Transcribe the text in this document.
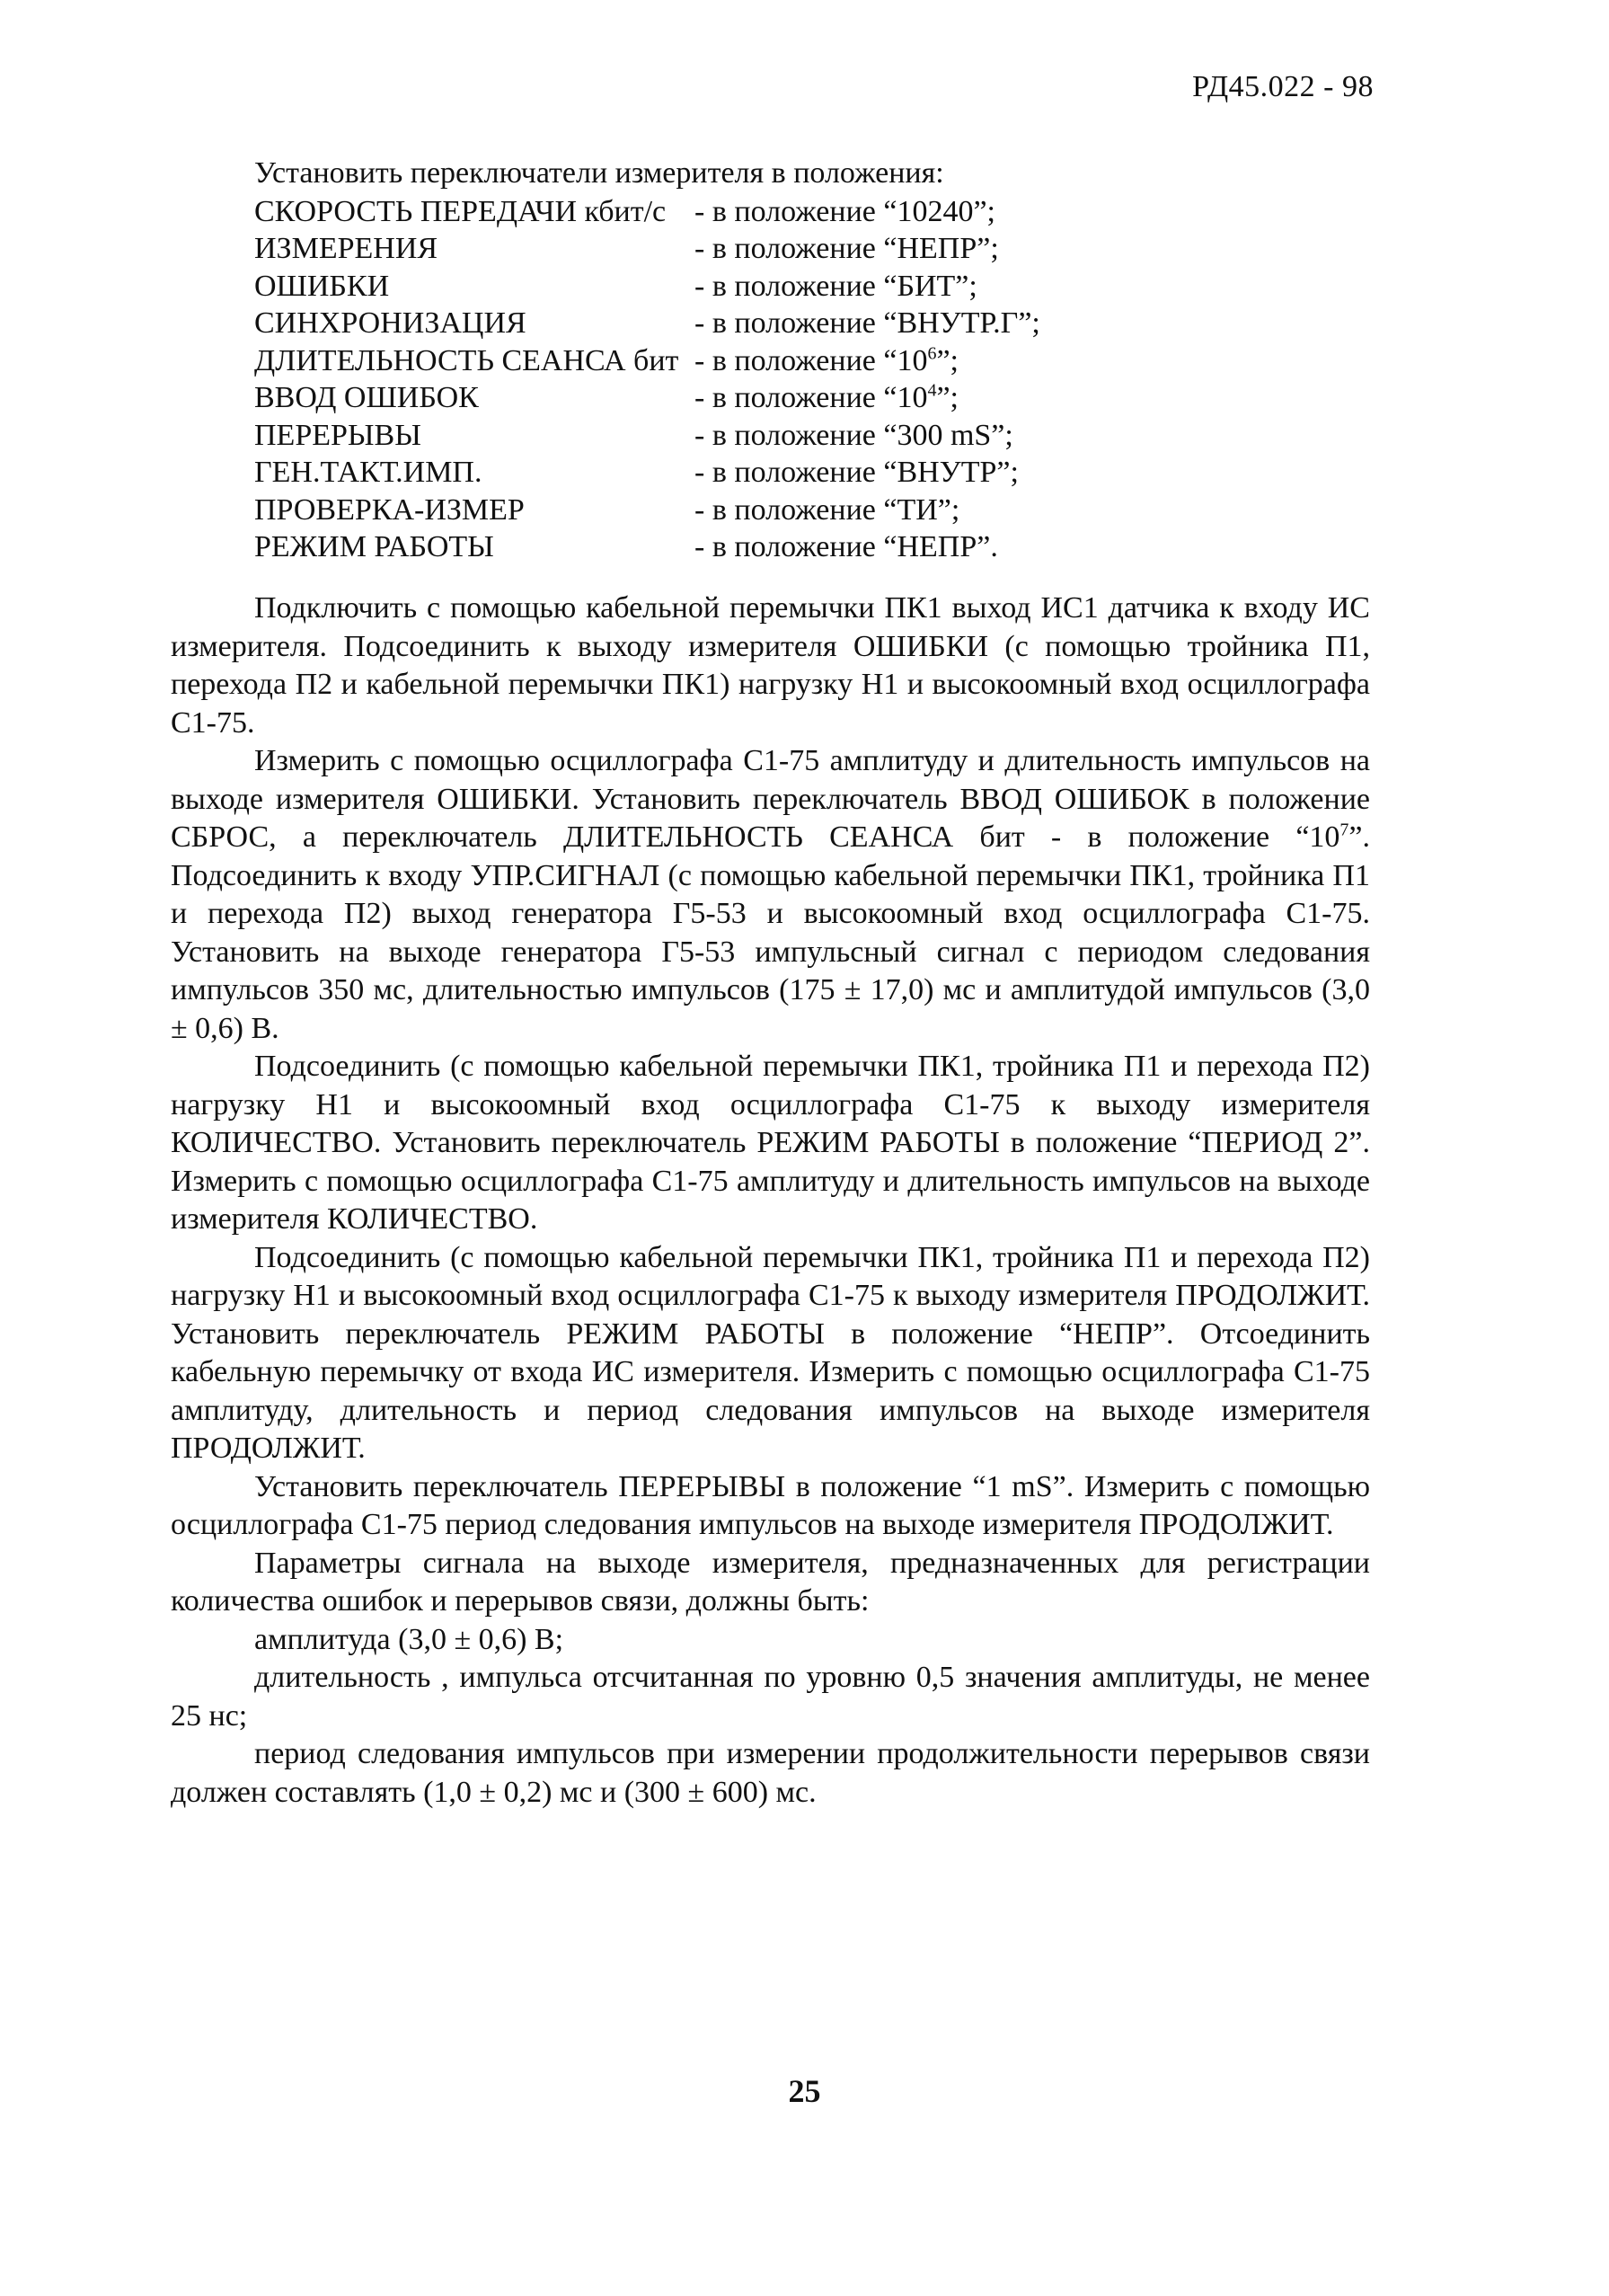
РД45.022 - 98
Установить переключатели измерителя в положения:
СКОРОСТЬ ПЕРЕДАЧИ кбит/с - в положение “10240”;
ИЗМЕРЕНИЯ	- в положение “НЕПР”;
ОШИБКИ	- в положение “БИТ”;
СИНХРОНИЗАЦИЯ	- в положение “ВНУТР.Г”;
ДЛИТЕЛЬНОСТЬ СЕАНСА бит - в положение “$10^6$”;
ВВОД ОШИБОК	- в положение “$10^4$”;
ПЕРЕРЫВЫ	- в положение “300 mS”;
ГЕН.ТАКТ.ИМП.	- в положение “ВНУТР”;
ПРОВЕРКА-ИЗМЕР	- в положение “ТИ”;
РЕЖИМ РАБОТЫ	- в положение “НЕПР”.

Подключить с помощью кабельной перемычки ПК1 выход ИС1 датчика к входу ИС измерителя. Подсоединить к выходу измерителя ОШИБКИ (с помощью тройника П1, перехода П2 и кабельной перемычки ПК1) нагрузку Н1 и высокоомный вход осциллографа С1-75.

Измерить с помощью осциллографа С1-75 амплитуду и длительность импульсов на выходе измерителя ОШИБКИ. Установить переключатель ВВОД ОШИБОК в положение СБРОС, а переключатель ДЛИТЕЛЬНОСТЬ СЕАНСА бит - в положение “$10^7$”. Подсоединить к входу УПР.СИГНАЛ (с помощью кабельной перемычки ПК1, тройника П1 и перехода П2) выход генератора Г5-53 и высокоомный вход осциллографа С1-75. Установить на выходе генератора Г5-53 импульсный сигнал с периодом следования импульсов 350 мс, длительностью импульсов (175 ± 17,0) мс и амплитудой импульсов (3,0 ± 0,6) В.

Подсоединить (с помощью кабельной перемычки ПК1, тройника П1 и перехода П2) нагрузку Н1 и высокоомный вход осциллографа С1-75 к выходу измерителя КОЛИЧЕСТВО. Установить переключатель РЕЖИМ РАБОТЫ в положение “ПЕРИОД 2”. Измерить с помощью осциллографа С1-75 амплитуду и длительность импульсов на выходе измерителя КОЛИЧЕСТВО.

Подсоединить (с помощью кабельной перемычки ПК1, тройника П1 и перехода П2) нагрузку Н1 и высокоомный вход осциллографа С1-75 к выходу измерителя ПРОДОЛЖИТ. Установить переключатель РЕЖИМ РАБОТЫ в положение “НЕПР”. Отсоединить кабельную перемычку от входа ИС измерителя. Измерить с помощью осциллографа С1-75 амплитуду, длительность и период следования импульсов на выходе измерителя ПРОДОЛЖИТ.

Установить переключатель ПЕРЕРЫВЫ в положение “1 mS”. Измерить с помощью осциллографа С1-75 период следования импульсов на выходе измерителя ПРОДОЛЖИТ.

Параметры сигнала на выходе измерителя, предназначенных для регистрации количества ошибок и перерывов связи, должны быть:

амплитуда (3,0 ± 0,6) В;

длительность , импульса отсчитанная по уровню 0,5 значения амплитуды, не менее 25 нс;

период следования импульсов при измерении продолжительности перерывов связи должен составлять (1,0 ± 0,2) мс и (300 ± 600) мс.

25
